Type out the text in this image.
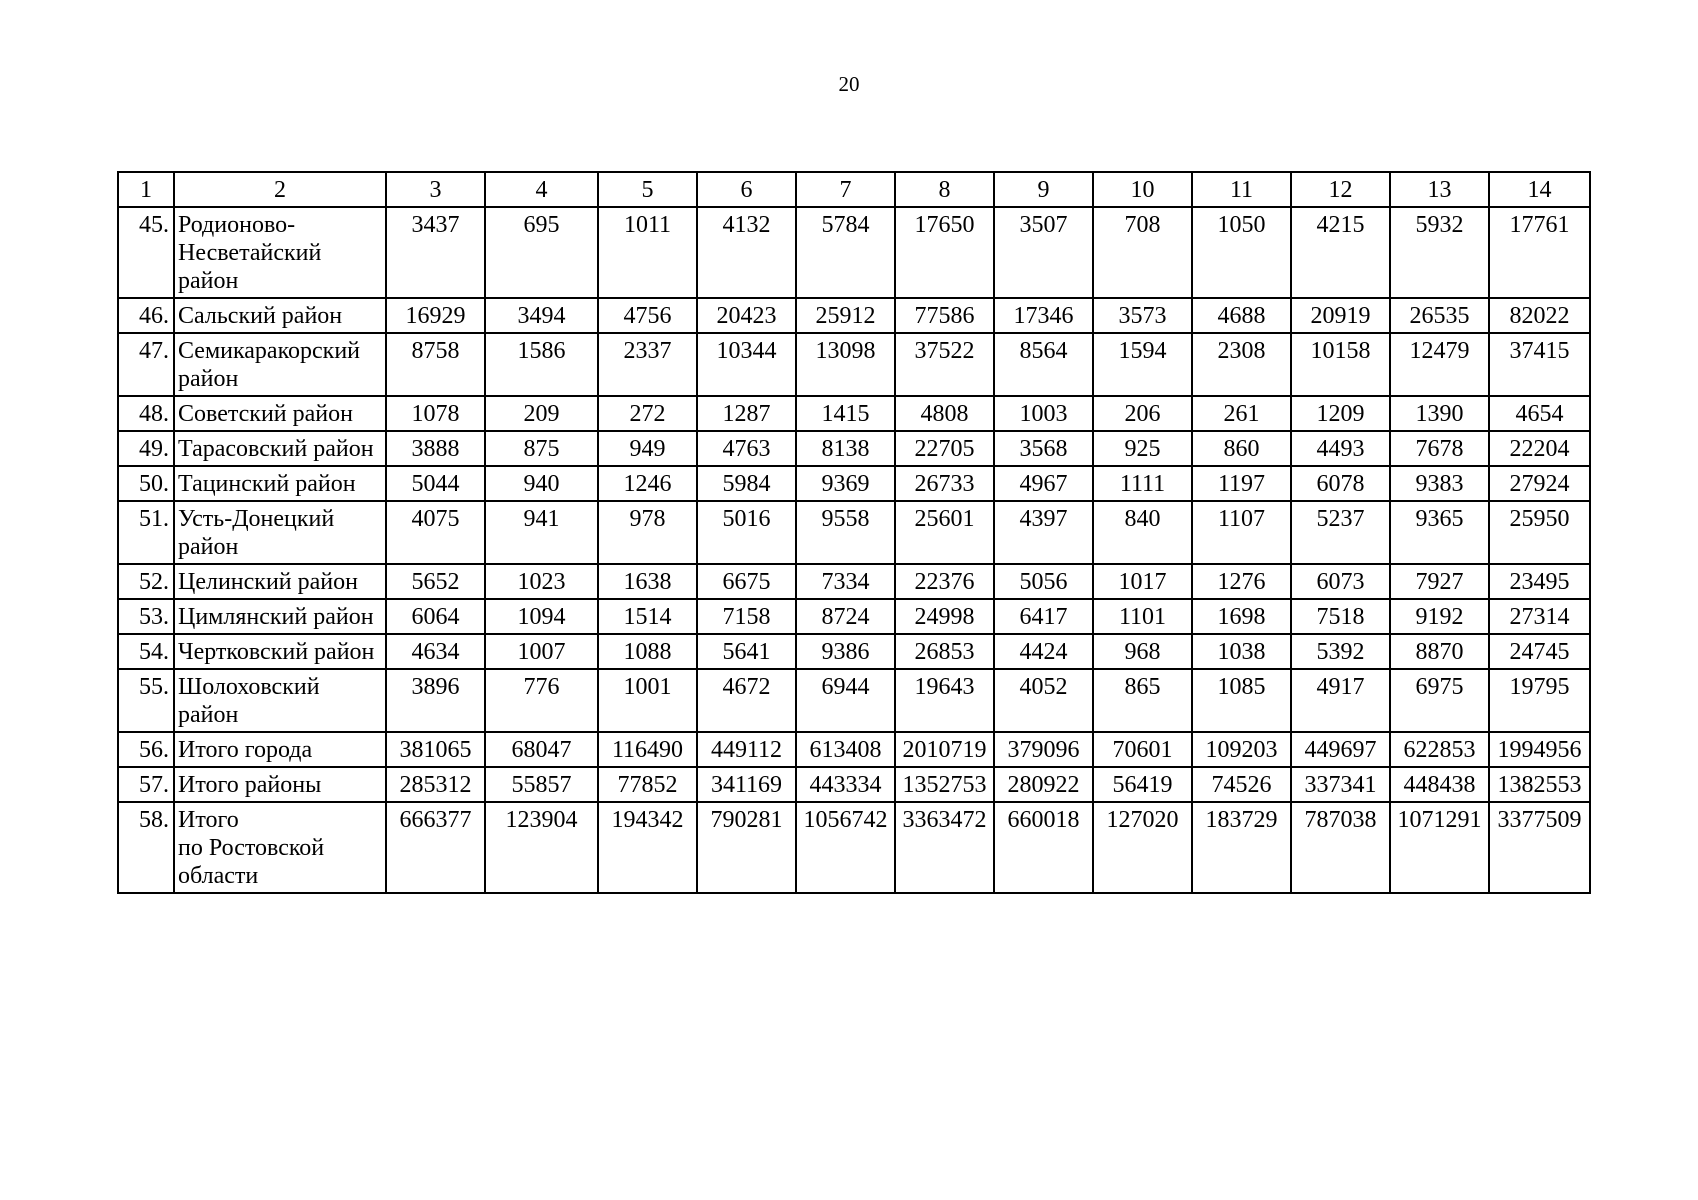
20
1	2	3	4	5	6	7	8	9	10	11	12	13	14
45.	Родионово-
Несветайский
район	3437	695	1011	4132	5784	17650	3507	708	1050	4215	5932	17761
46.	Сальский район	16929	3494	4756	20423	25912	77586	17346	3573	4688	20919	26535	82022
47.	Семикаракорский
район	8758	1586	2337	10344	13098	37522	8564	1594	2308	10158	12479	37415
48.	Советский район	1078	209	272	1287	1415	4808	1003	206	261	1209	1390	4654
49.	Тарасовский район	3888	875	949	4763	8138	22705	3568	925	860	4493	7678	22204
50.	Тацинский район	5044	940	1246	5984	9369	26733	4967	1111	1197	6078	9383	27924
51.	Усть-Донецкий
район	4075	941	978	5016	9558	25601	4397	840	1107	5237	9365	25950
52.	Целинский район	5652	1023	1638	6675	7334	22376	5056	1017	1276	6073	7927	23495
53.	Цимлянский район	6064	1094	1514	7158	8724	24998	6417	1101	1698	7518	9192	27314
54.	Чертковский район	4634	1007	1088	5641	9386	26853	4424	968	1038	5392	8870	24745
55.	Шолоховский
район	3896	776	1001	4672	6944	19643	4052	865	1085	4917	6975	19795
56.	Итого города	381065	68047	116490	449112	613408	2010719	379096	70601	109203	449697	622853	1994956
57.	Итого районы	285312	55857	77852	341169	443334	1352753	280922	56419	74526	337341	448438	1382553
58.	Итого
по Ростовской
области	666377	123904	194342	790281	1056742	3363472	660018	127020	183729	787038	1071291	3377509
